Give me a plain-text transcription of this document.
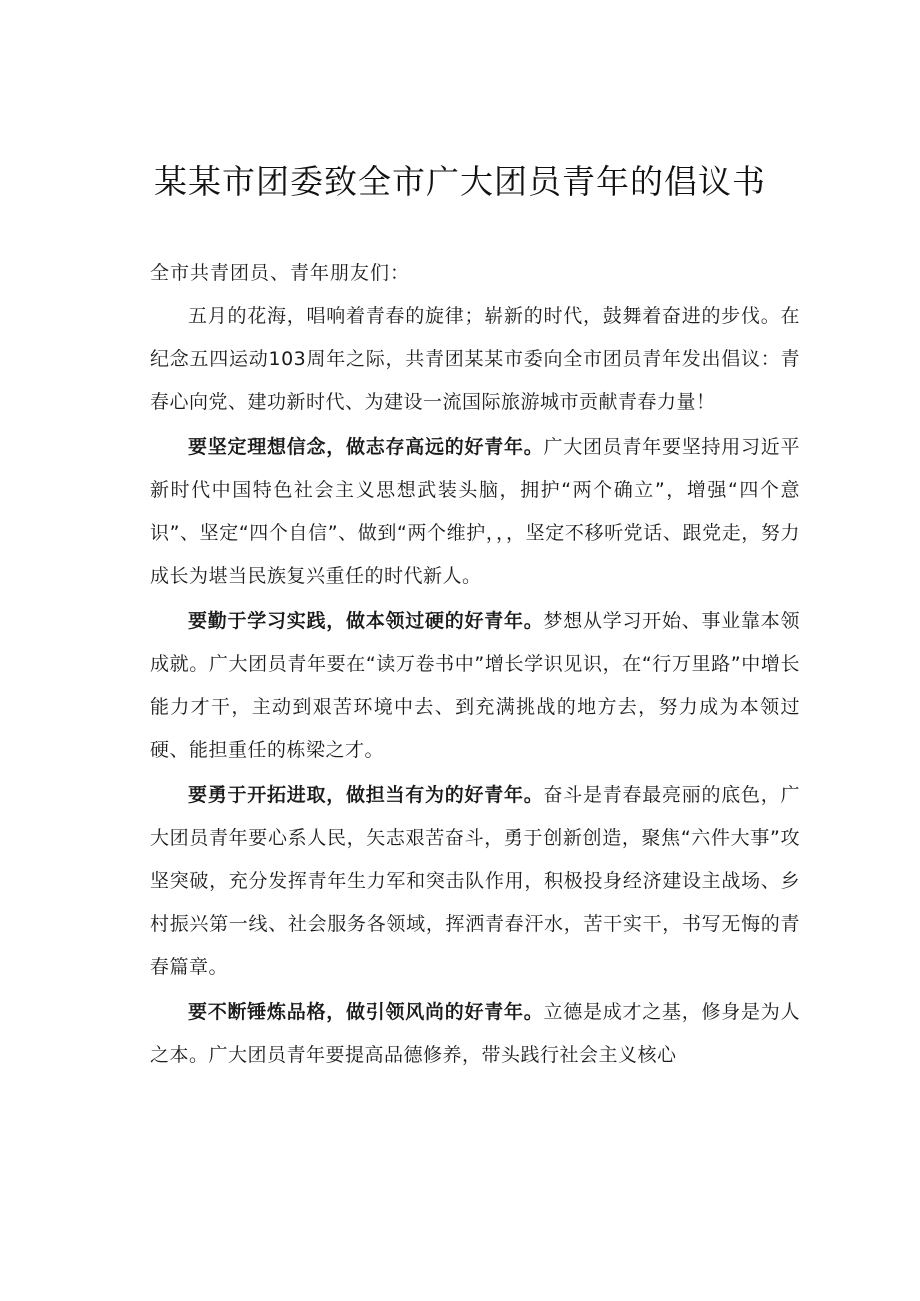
某某市团委致全市广大团员青年的倡议书

全市共青团员、青年朋友们：

五月的花海，唱响着青春的旋律；崭新的时代，鼓舞着奋进的步伐。在纪念五四运动103周年之际，共青团某某市委向全市团员青年发出倡议：青春心向党、建功新时代、为建设一流国际旅游城市贡献青春力量！

要坚定理想信念，做志存高远的好青年。广大团员青年要坚持用习近平新时代中国特色社会主义思想武装头脑，拥护“两个确立”，增强“四个意识”、坚定“四个自信”、做到“两个维护，，，坚定不移听党话、跟党走，努力成长为堪当民族复兴重任的时代新人。

要勤于学习实践，做本领过硬的好青年。梦想从学习开始、事业靠本领成就。广大团员青年要在“读万卷书中”增长学识见识，在“行万里路”中增长能力才干，主动到艰苦环境中去、到充满挑战的地方去，努力成为本领过硬、能担重任的栋梁之才。

要勇于开拓进取，做担当有为的好青年。奋斗是青春最亮丽的底色，广大团员青年要心系人民，矢志艰苦奋斗，勇于创新创造，聚焦“六件大事”攻坚突破，充分发挥青年生力军和突击队作用，积极投身经济建设主战场、乡村振兴第一线、社会服务各领域，挥洒青春汗水，苦干实干，书写无悔的青春篇章。

要不断锤炼品格，做引领风尚的好青年。立德是成才之基，修身是为人之本。广大团员青年要提高品德修养，带头践行社会主义核心
